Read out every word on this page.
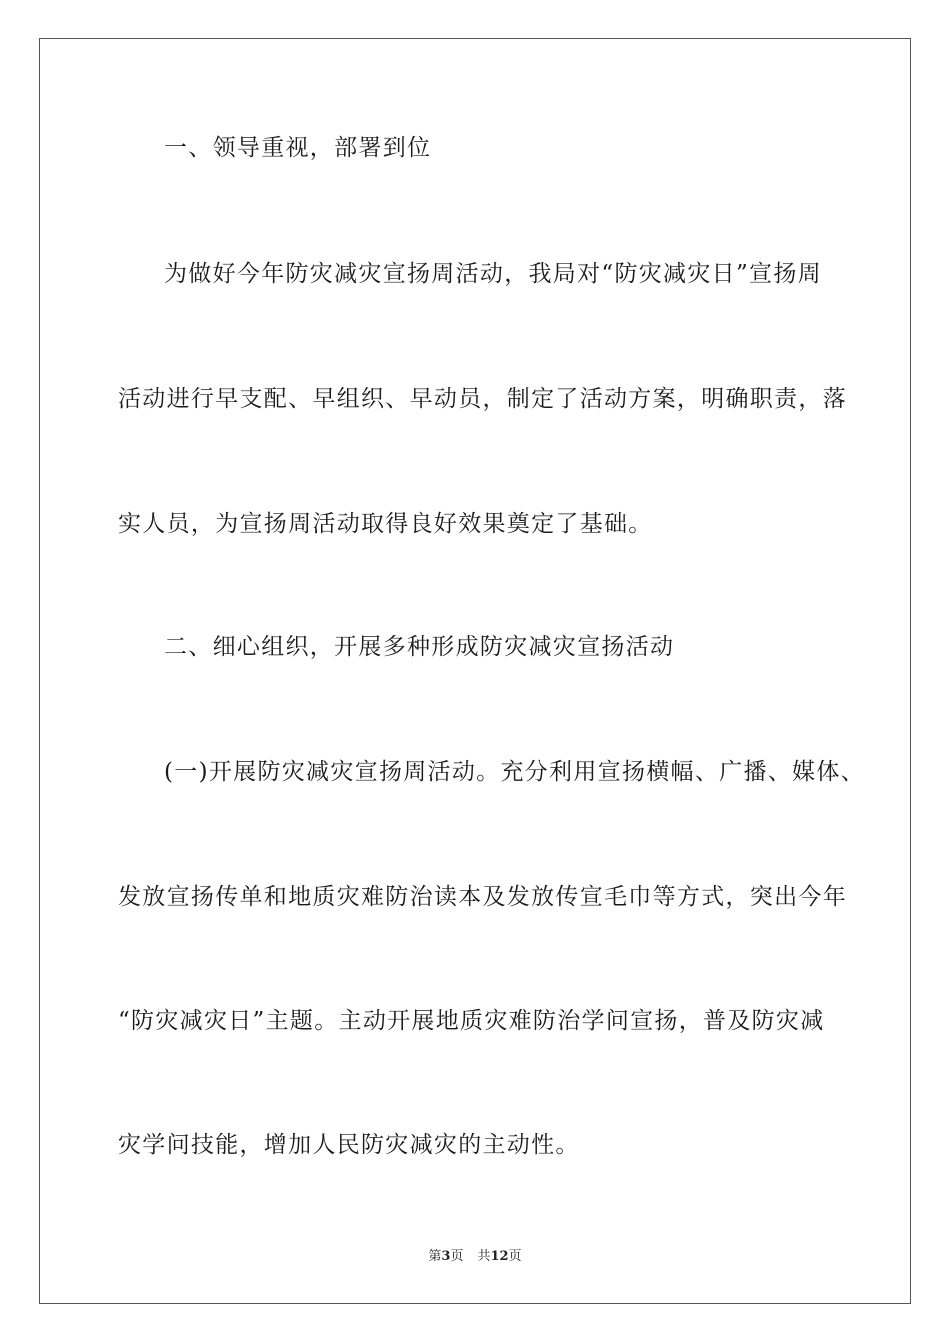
一、领导重视，部署到位
为做好今年防灾减灾宣扬周活动，我局对“防灾减灾日”宣扬周
活动进行早支配、早组织、早动员，制定了活动方案，明确职责，落
实人员，为宣扬周活动取得良好效果奠定了基础。
二、细心组织，开展多种形成防灾减灾宣扬活动
(一)开展防灾减灾宣扬周活动。充分利用宣扬横幅、广播、媒体、
发放宣扬传单和地质灾难防治读本及发放传宣毛巾等方式，突出今年
“防灾减灾日”主题。主动开展地质灾难防治学问宣扬，普及防灾减
灾学问技能，增加人民防灾减灾的主动性。
第3页 共12页
